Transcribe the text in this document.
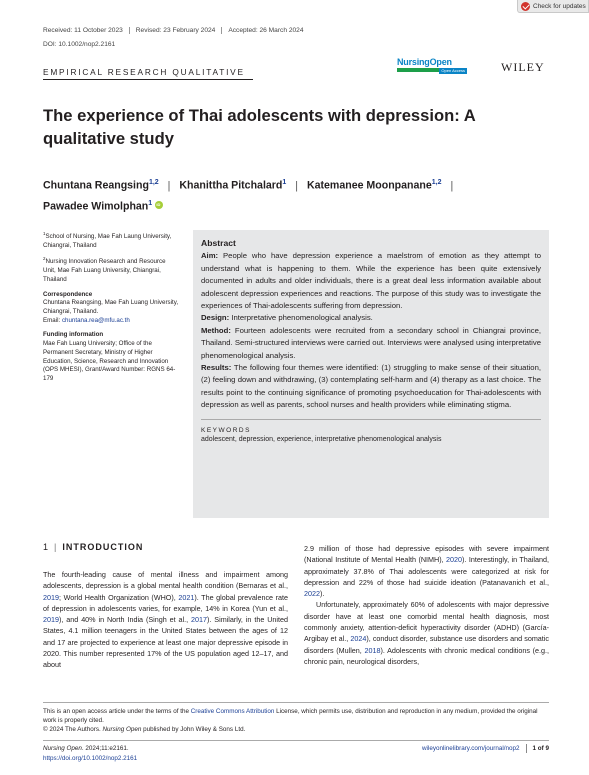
Check for updates
Received: 11 October 2023	Revised: 23 February 2024	Accepted: 26 March 2024
DOI: 10.1002/nop2.2161
EMPIRICAL RESEARCH QUALITATIVE
NursingOpen
Open Access	WILEY
The experience of Thai adolescents with depression: A qualitative study
Chuntana Reangsing$^{1,2}$ | Khanittha Pitchalard$^1$ | Katemanee Moonpanane$^{1,2}$ |
Pawadee Wimolphan$^1$iD
$^1$School of Nursing, Mae Fah Laung University, Chiangrai, Thailand
$^2$Nursing Innovation Research and Resource Unit, Mae Fah Luang University, Chiangrai, Thailand
Correspondence
Chuntana Reangsing, Mae Fah Luang University, Chiangrai, Thailand.
Email: chuntana.rea@mfu.ac.th
Funding information
Mae Fah Luang University; Office of the Permanent Secretary, Ministry of Higher Education, Science, Research and Innovation (OPS MHESI), Grant/Award Number: RGNS 64-179
Abstract

Aim: People who have depression experience a maelstrom of emotion as they attempt to understand what is happening to them. While the experience has been quite extensively documented in adults and older individuals, there is a great deal less information available about adolescent depression experiences and reactions. The purpose of this study was to investigate the experiences of Thai-adolescents suffering from depression.

Design: Interpretative phenomenological analysis.

Method: Fourteen adolescents were recruited from a secondary school in Chiangrai province, Thailand. Semi-structured interviews were carried out. Interviews were analysed using interpretative phenomenological analysis.

Results: The following four themes were identified: (1) struggling to make sense of their situation, (2) feeling down and withdrawing, (3) contemplating self-harm and (4) therapy as a last choice. The results point to the continuing significance of promoting psychoeducation for Thai-adolescents with depression as well as parents, school nurses and health providers while eliminating stigma.

KEYWORDS
adolescent, depression, experience, interpretative phenomenological analysis
1 | INTRODUCTION

The fourth-leading cause of mental illness and impairment among adolescents, depression is a global mental health condition (Bernaras et al., 2019; World Health Organization (WHO), 2021). The global prevalence rate of depression in adolescents varies, for example, 14% in Korea (Yun et al., 2019), and 40% in North India (Singh et al., 2017). Similarly, in the United States, 4.1 million teenagers in the United States between the ages of 12 and 17 are projected to experience at least one major depressive episode in 2020. This number represented 17% of the US population aged 12–17, and about

2.9 million of those had depressive episodes with severe impairment (National Institute of Mental Health (NIMH), 2020). Interestingly, in Thailand, approximately 37.8% of Thai adolescents were categorized at risk for depression and 22% of those had suicide ideation (Patanavanich et al., 2022).

Unfortunately, approximately 60% of adolescents with major depressive disorder have at least one comorbid mental health diagnosis, most commonly anxiety, attention-deficit hyperactivity disorder (ADHD) (García-Argibay et al., 2024), conduct disorder, substance use disorders and somatic disorders (Mullen, 2018). Adolescents with chronic medical conditions (e.g., chronic pain, neurological disorders,

This is an open access article under the terms of the Creative Commons Attribution License, which permits use, distribution and reproduction in any medium, provided the original work is properly cited.
© 2024 The Authors. Nursing Open published by John Wiley & Sons Ltd.
Nursing Open. 2024;11:e2161.
https://doi.org/10.1002/nop2.2161
wileyonlinelibrary.com/journal/nop2 1 of 9
